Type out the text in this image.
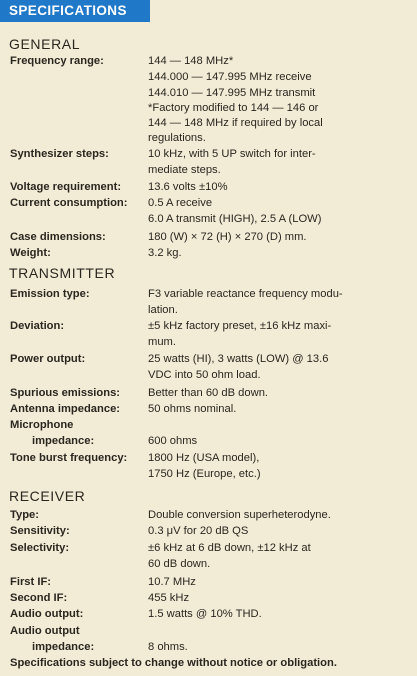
SPECIFICATIONS
GENERAL
Frequency range:	144 — 148 MHz*
144.000 — 147.995 MHz receive
144.010 — 147.995 MHz transmit
*Factory modified to 144 — 146 or
144 — 148 MHz if required by local
regulations.
Synthesizer steps:	10 kHz, with 5 UP switch for inter-
mediate steps.
Voltage requirement: 13.6 volts ±10%
Current consumption: 0.5 A receive
6.0 A transmit (HIGH), 2.5 A (LOW)
Case dimensions:	180 (W) × 72 (H) × 270 (D) mm.
Weight:	3.2 kg.
TRANSMITTER
Emission type:	F3 variable reactance frequency modu-
lation.
Deviation:	±5 kHz factory preset, ±16 kHz maxi-
mum.
Power output:	25 watts (HI), 3 watts (LOW) @ 13.6
VDC into 50 ohm load.
Spurious emissions: Better than 60 dB down.
Antenna impedance: 50 ohms nominal.
Microphone
impedance:	600 ohms
Tone burst frequency: 1800 Hz (USA model),
1750 Hz (Europe, etc.)
RECEIVER
Type:	Double conversion superheterodyne.
Sensitivity:	0.3 μV for 20 dB QS
Selectivity:	±6 kHz at 6 dB down, ±12 kHz at
60 dB down.
First IF:	10.7 MHz
Second IF:	455 kHz
Audio output:	1.5 watts @ 10% THD.
Audio output
impedance:	8 ohms.
Specifications subject to change without notice or obligation.
